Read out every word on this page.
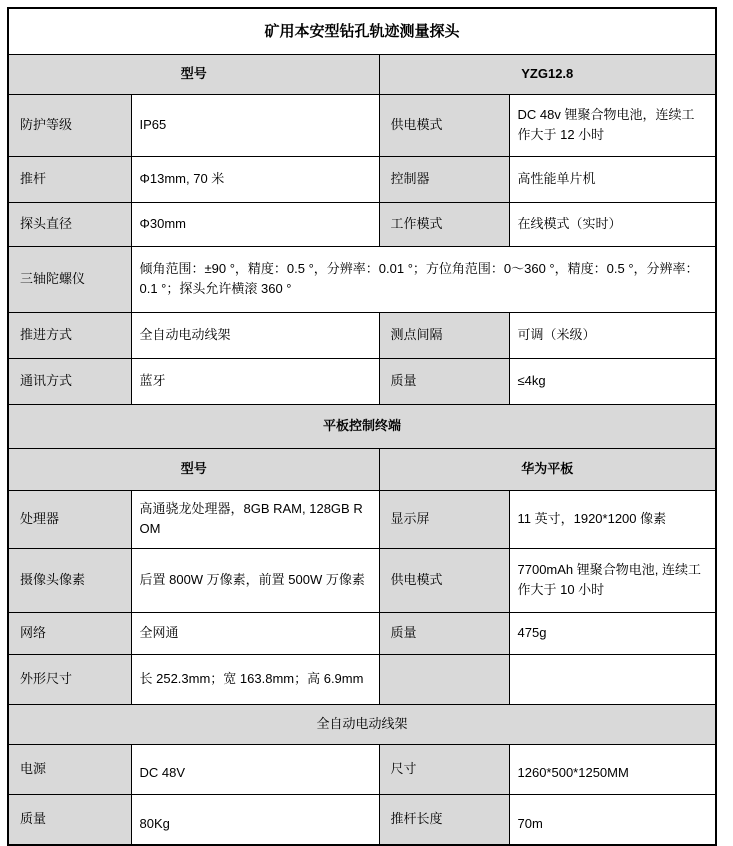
矿用本安型钻孔轨迹测量探头			
型号		YZG12.8	
防护等级	IP65	供电模式	DC 48v 锂聚合物电池，连续工作大于 12 小时
推杆	Φ13mm, 70 米	控制器	高性能单片机
探头直径	Φ30mm	工作模式	在线模式（实时）
三轴陀螺仪	倾角范围：±90 °，精度：0.5 °，分辨率：0.01 °；方位角范围：0～360 °，精度：0.5 °，分辨率：0.1 °；探头允许横滚 360 °		
推进方式	全自动电动线架	测点间隔	可调（米级）
通讯方式	蓝牙	质量	≤4kg
平板控制终端			
型号		华为平板	
处理器	高通骁龙处理器，8GB RAM, 128GB ROM	显示屏	11 英寸，1920*1200 像素
摄像头像素	后置 800W 万像素，前置 500W 万像素	供电模式	7700mAh 锂聚合物电池, 连续工作大于 10 小时
网络	全网通	质量	475g
外形尺寸	长 252.3mm；宽 163.8mm；高 6.9mm		
全自动电动线架			
电源	DC 48V	尺寸	1260*500*1250MM
质量	80Kg	推杆长度	70m
